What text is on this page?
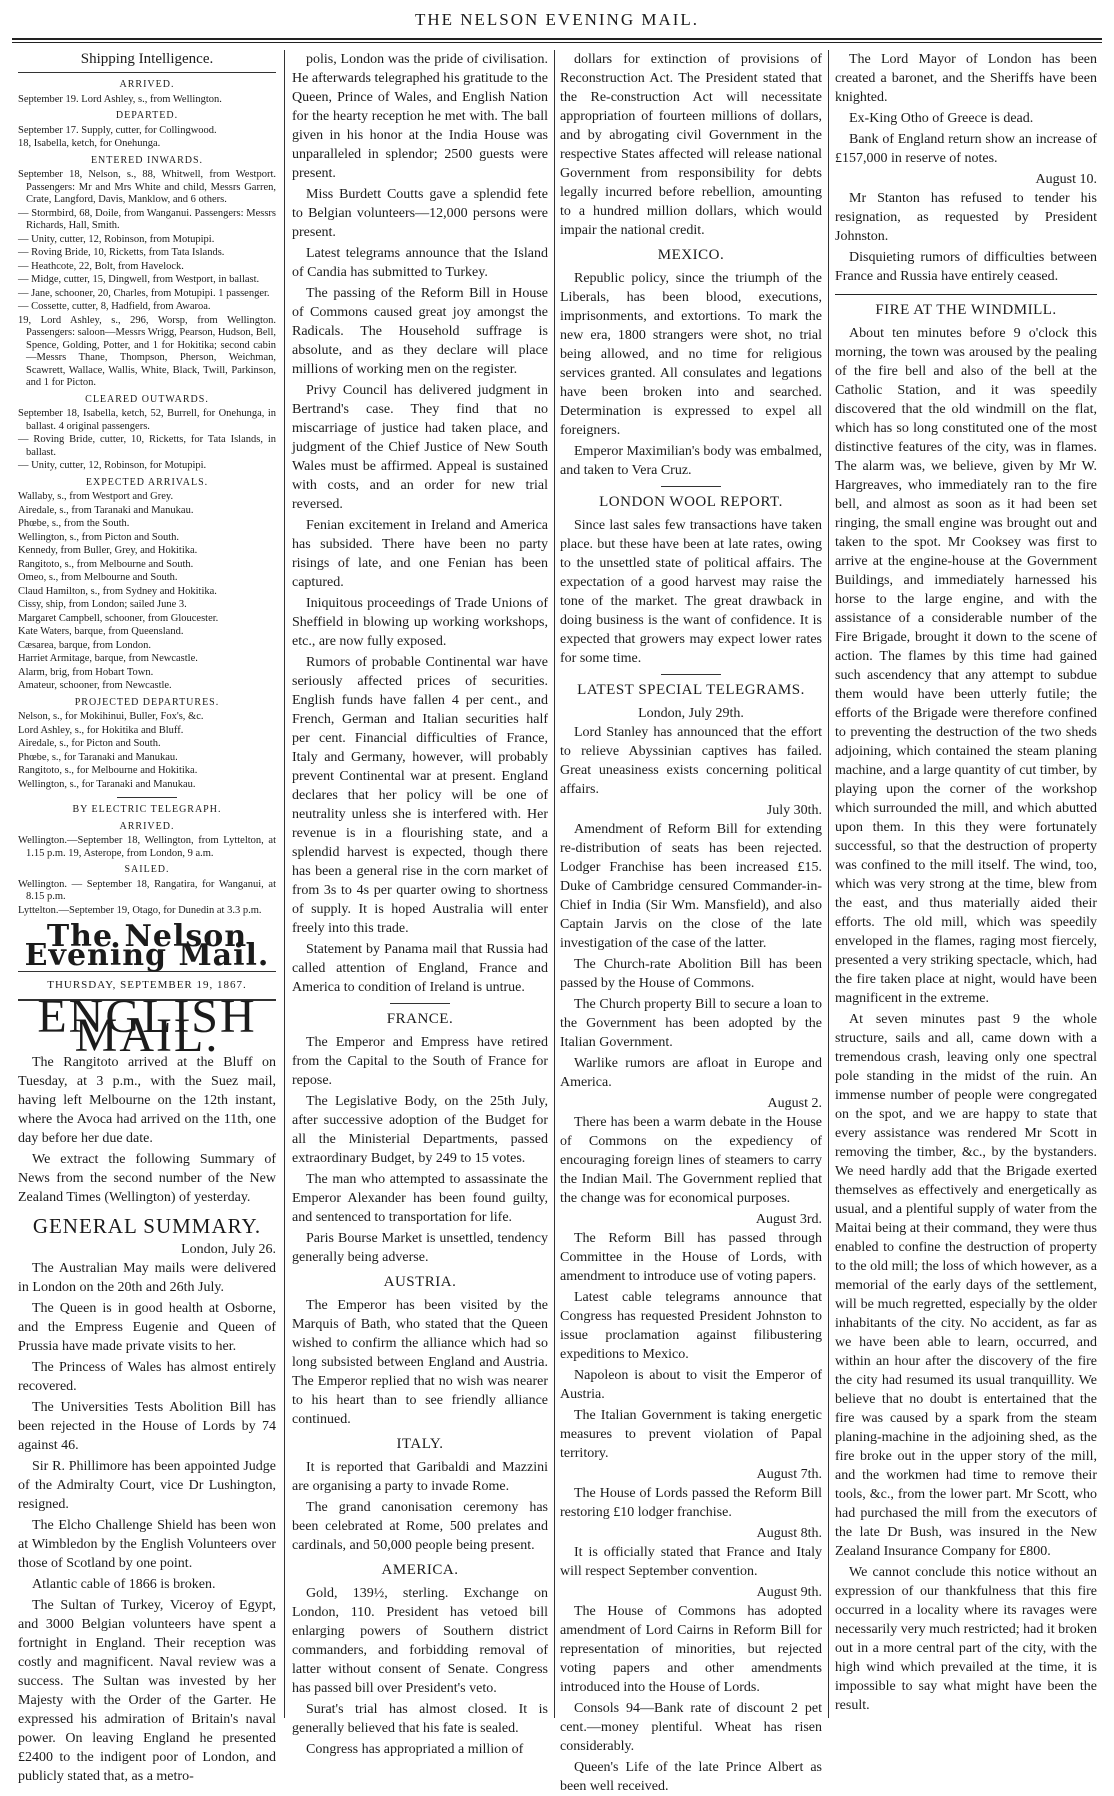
THE NELSON EVENING MAIL.
Shipping Intelligence.
ARRIVED.

September 19. Lord Ashley, s., from Wellington.

DEPARTED.

September 17. Supply, cutter, for Collingwood.

18, Isabella, ketch, for Onehunga.

ENTERED INWARDS.

September 18, Nelson, s., 88, Whitwell, from Westport. Passengers: Mr and Mrs White and child, Messrs Garren, Crate, Langford, Davis, Manklow, and 6 others.

— Stormbird, 68, Doile, from Wanganui. Passengers: Messrs Richards, Hall, Smith.

— Unity, cutter, 12, Robinson, from Motupipi.

— Roving Bride, 10, Ricketts, from Tata Islands.

— Heathcote, 22, Bolt, from Havelock.

— Midge, cutter, 15, Dingwell, from Westport, in ballast.

— Jane, schooner, 20, Charles, from Motupipi. 1 passenger.

— Cossette, cutter, 8, Hadfield, from Awaroa.

19, Lord Ashley, s., 296, Worsp, from Wellington. Passengers: saloon—Messrs Wrigg, Pearson, Hudson, Bell, Spence, Golding, Potter, and 1 for Hokitika; second cabin—Messrs Thane, Thompson, Pherson, Weichman, Scawrett, Wallace, Wallis, White, Black, Twill, Parkinson, and 1 for Picton.

CLEARED OUTWARDS.

September 18, Isabella, ketch, 52, Burrell, for Onehunga, in ballast. 4 original passengers.

— Roving Bride, cutter, 10, Ricketts, for Tata Islands, in ballast.

— Unity, cutter, 12, Robinson, for Motupipi.

EXPECTED ARRIVALS.

Wallaby, s., from Westport and Grey.

Airedale, s., from Taranaki and Manukau.

Phœbe, s., from the South.

Wellington, s., from Picton and South.

Kennedy, from Buller, Grey, and Hokitika.

Rangitoto, s., from Melbourne and South.

Omeo, s., from Melbourne and South.

Claud Hamilton, s., from Sydney and Hokitika.

Cissy, ship, from London; sailed June 3.

Margaret Campbell, schooner, from Gloucester.

Kate Waters, barque, from Queensland.

Cæsarea, barque, from London.

Harriet Armitage, barque, from Newcastle.

Alarm, brig, from Hobart Town.

Amateur, schooner, from Newcastle.

PROJECTED DEPARTURES.

Nelson, s., for Mokihinui, Buller, Fox's, &c.

Lord Ashley, s., for Hokitika and Bluff.

Airedale, s., for Picton and South.

Phœbe, s., for Taranaki and Manukau.

Rangitoto, s., for Melbourne and Hokitika.

Wellington, s., for Taranaki and Manukau.

BY ELECTRIC TELEGRAPH.
ARRIVED.

Wellington.—September 18, Wellington, from Lyttelton, at 1.15 p.m. 19, Asterope, from London, 9 a.m.

SAILED.

Wellington. — September 18, Rangatira, for Wanganui, at 8.15 p.m.

Lyttelton.—September 19, Otago, for Dunedin at 3.3 p.m.

The Nelson Evening Mail.
THURSDAY, SEPTEMBER 19, 1867.
ENGLISH MAIL.

The Rangitoto arrived at the Bluff on Tuesday, at 3 p.m., with the Suez mail, having left Melbourne on the 12th instant, where the Avoca had arrived on the 11th, one day before her due date.

We extract the following Summary of News from the second number of the New Zealand Times (Wellington) of yesterday.

GENERAL SUMMARY.

London, July 26.

The Australian May mails were delivered in London on the 20th and 26th July.

The Queen is in good health at Osborne, and the Empress Eugenie and Queen of Prussia have made private visits to her.

The Princess of Wales has almost entirely recovered.

The Universities Tests Abolition Bill has been rejected in the House of Lords by 74 against 46.

Sir R. Phillimore has been appointed Judge of the Admiralty Court, vice Dr Lushington, resigned.

The Elcho Challenge Shield has been won at Wimbledon by the English Volunteers over those of Scotland by one point.

Atlantic cable of 1866 is broken.

The Sultan of Turkey, Viceroy of Egypt, and 3000 Belgian volunteers have spent a fortnight in England. Their reception was costly and magnificent. Naval review was a success. The Sultan was invested by her Majesty with the Order of the Garter. He expressed his admiration of Britain's naval power. On leaving England he presented £2400 to the indigent poor of London, and publicly stated that, as a metro-

polis, London was the pride of civilisation. He afterwards telegraphed his gratitude to the Queen, Prince of Wales, and English Nation for the hearty reception he met with. The ball given in his honor at the India House was unparalleled in splendor; 2500 guests were present.

Miss Burdett Coutts gave a splendid fete to Belgian volunteers—12,000 persons were present.

Latest telegrams announce that the Island of Candia has submitted to Turkey.

The passing of the Reform Bill in House of Commons caused great joy amongst the Radicals. The Household suffrage is absolute, and as they declare will place millions of working men on the register.

Privy Council has delivered judgment in Bertrand's case. They find that no miscarriage of justice had taken place, and judgment of the Chief Justice of New South Wales must be affirmed. Appeal is sustained with costs, and an order for new trial reversed.

Fenian excitement in Ireland and America has subsided. There have been no party risings of late, and one Fenian has been captured.

Iniquitous proceedings of Trade Unions of Sheffield in blowing up working workshops, etc., are now fully exposed.

Rumors of probable Continental war have seriously affected prices of securities. English funds have fallen 4 per cent., and French, German and Italian securities half per cent. Financial difficulties of France, Italy and Germany, however, will probably prevent Continental war at present. England declares that her policy will be one of neutrality unless she is interfered with. Her revenue is in a flourishing state, and a splendid harvest is expected, though there has been a general rise in the corn market of from 3s to 4s per quarter owing to shortness of supply. It is hoped Australia will enter freely into this trade.

Statement by Panama mail that Russia had called attention of England, France and America to condition of Ireland is untrue.

FRANCE.

The Emperor and Empress have retired from the Capital to the South of France for repose.

The Legislative Body, on the 25th July, after successive adoption of the Budget for all the Ministerial Departments, passed extraordinary Budget, by 249 to 15 votes.

The man who attempted to assassinate the Emperor Alexander has been found guilty, and sentenced to transportation for life.

Paris Bourse Market is unsettled, tendency generally being adverse.

AUSTRIA.

The Emperor has been visited by the Marquis of Bath, who stated that the Queen wished to confirm the alliance which had so long subsisted between England and Austria. The Emperor replied that no wish was nearer to his heart than to see friendly alliance continued.

ITALY.

It is reported that Garibaldi and Mazzini are organising a party to invade Rome.

The grand canonisation ceremony has been celebrated at Rome, 500 prelates and cardinals, and 50,000 people being present.

AMERICA.

Gold, 139½, sterling. Exchange on London, 110. President has vetoed bill enlarging powers of Southern district commanders, and forbidding removal of latter without consent of Senate. Congress has passed bill over President's veto.

Surat's trial has almost closed. It is generally believed that his fate is sealed.

Congress has appropriated a million of

dollars for extinction of provisions of Reconstruction Act. The President stated that the Re-construction Act will necessitate appropriation of fourteen millions of dollars, and by abrogating civil Government in the respective States affected will release national Government from responsibility for debts legally incurred before rebellion, amounting to a hundred million dollars, which would impair the national credit.

MEXICO.

Republic policy, since the triumph of the Liberals, has been blood, executions, imprisonments, and extortions. To mark the new era, 1800 strangers were shot, no trial being allowed, and no time for religious services granted. All consulates and legations have been broken into and searched. Determination is expressed to expel all foreigners.

Emperor Maximilian's body was embalmed, and taken to Vera Cruz.

LONDON WOOL REPORT.

Since last sales few transactions have taken place. but these have been at late rates, owing to the unsettled state of political affairs. The expectation of a good harvest may raise the tone of the market. The great drawback in doing business is the want of confidence. It is expected that growers may expect lower rates for some time.

LATEST SPECIAL TELEGRAMS.

London, July 29th.

Lord Stanley has announced that the effort to relieve Abyssinian captives has failed. Great uneasiness exists concerning political affairs.

July 30th.

Amendment of Reform Bill for extending re-distribution of seats has been rejected. Lodger Franchise has been increased £15. Duke of Cambridge censured Commander-in-Chief in India (Sir Wm. Mansfield), and also Captain Jarvis on the close of the late investigation of the case of the latter.

The Church-rate Abolition Bill has been passed by the House of Commons.

The Church property Bill to secure a loan to the Government has been adopted by the Italian Government.

Warlike rumors are afloat in Europe and America.

August 2.

There has been a warm debate in the House of Commons on the expediency of encouraging foreign lines of steamers to carry the Indian Mail. The Government replied that the change was for economical purposes.

August 3rd.

The Reform Bill has passed through Committee in the House of Lords, with amendment to introduce use of voting papers.

Latest cable telegrams announce that Congress has requested President Johnston to issue proclamation against filibustering expeditions to Mexico.

Napoleon is about to visit the Emperor of Austria.

The Italian Government is taking energetic measures to prevent violation of Papal territory.

August 7th.

The House of Lords passed the Reform Bill restoring £10 lodger franchise.

August 8th.

It is officially stated that France and Italy will respect September convention.

August 9th.

The House of Commons has adopted amendment of Lord Cairns in Reform Bill for representation of minorities, but rejected voting papers and other amendments introduced into the House of Lords.

Consols 94—Bank rate of discount 2 pet cent.—money plentiful. Wheat has risen considerably.

Queen's Life of the late Prince Albert as been well received.

The Lord Mayor of London has been created a baronet, and the Sheriffs have been knighted.

Ex-King Otho of Greece is dead.

Bank of England return show an increase of £157,000 in reserve of notes.

August 10.

Mr Stanton has refused to tender his resignation, as requested by President Johnston.

Disquieting rumors of difficulties between France and Russia have entirely ceased.

FIRE AT THE WINDMILL.

About ten minutes before 9 o'clock this morning, the town was aroused by the pealing of the fire bell and also of the bell at the Catholic Station, and it was speedily discovered that the old windmill on the flat, which has so long constituted one of the most distinctive features of the city, was in flames. The alarm was, we believe, given by Mr W. Hargreaves, who immediately ran to the fire bell, and almost as soon as it had been set ringing, the small engine was brought out and taken to the spot. Mr Cooksey was first to arrive at the engine-house at the Government Buildings, and immediately harnessed his horse to the large engine, and with the assistance of a considerable number of the Fire Brigade, brought it down to the scene of action. The flames by this time had gained such ascendency that any attempt to subdue them would have been utterly futile; the efforts of the Brigade were therefore confined to preventing the destruction of the two sheds adjoining, which contained the steam planing machine, and a large quantity of cut timber, by playing upon the corner of the workshop which surrounded the mill, and which abutted upon them. In this they were fortunately successful, so that the destruction of property was confined to the mill itself. The wind, too, which was very strong at the time, blew from the east, and thus materially aided their efforts. The old mill, which was speedily enveloped in the flames, raging most fiercely, presented a very striking spectacle, which, had the fire taken place at night, would have been magnificent in the extreme.

At seven minutes past 9 the whole structure, sails and all, came down with a tremendous crash, leaving only one spectral pole standing in the midst of the ruin. An immense number of people were congregated on the spot, and we are happy to state that every assistance was rendered Mr Scott in removing the timber, &c., by the bystanders. We need hardly add that the Brigade exerted themselves as effectively and energetically as usual, and a plentiful supply of water from the Maitai being at their command, they were thus enabled to confine the destruction of property to the old mill; the loss of which however, as a memorial of the early days of the settlement, will be much regretted, especially by the older inhabitants of the city. No accident, as far as we have been able to learn, occurred, and within an hour after the discovery of the fire the city had resumed its usual tranquillity. We believe that no doubt is entertained that the fire was caused by a spark from the steam planing-machine in the adjoining shed, as the fire broke out in the upper story of the mill, and the workmen had time to remove their tools, &c., from the lower part. Mr Scott, who had purchased the mill from the executors of the late Dr Bush, was insured in the New Zealand Insurance Company for £800.

We cannot conclude this notice without an expression of our thankfulness that this fire occurred in a locality where its ravages were necessarily very much restricted; had it broken out in a more central part of the city, with the high wind which prevailed at the time, it is impossible to say what might have been the result.
